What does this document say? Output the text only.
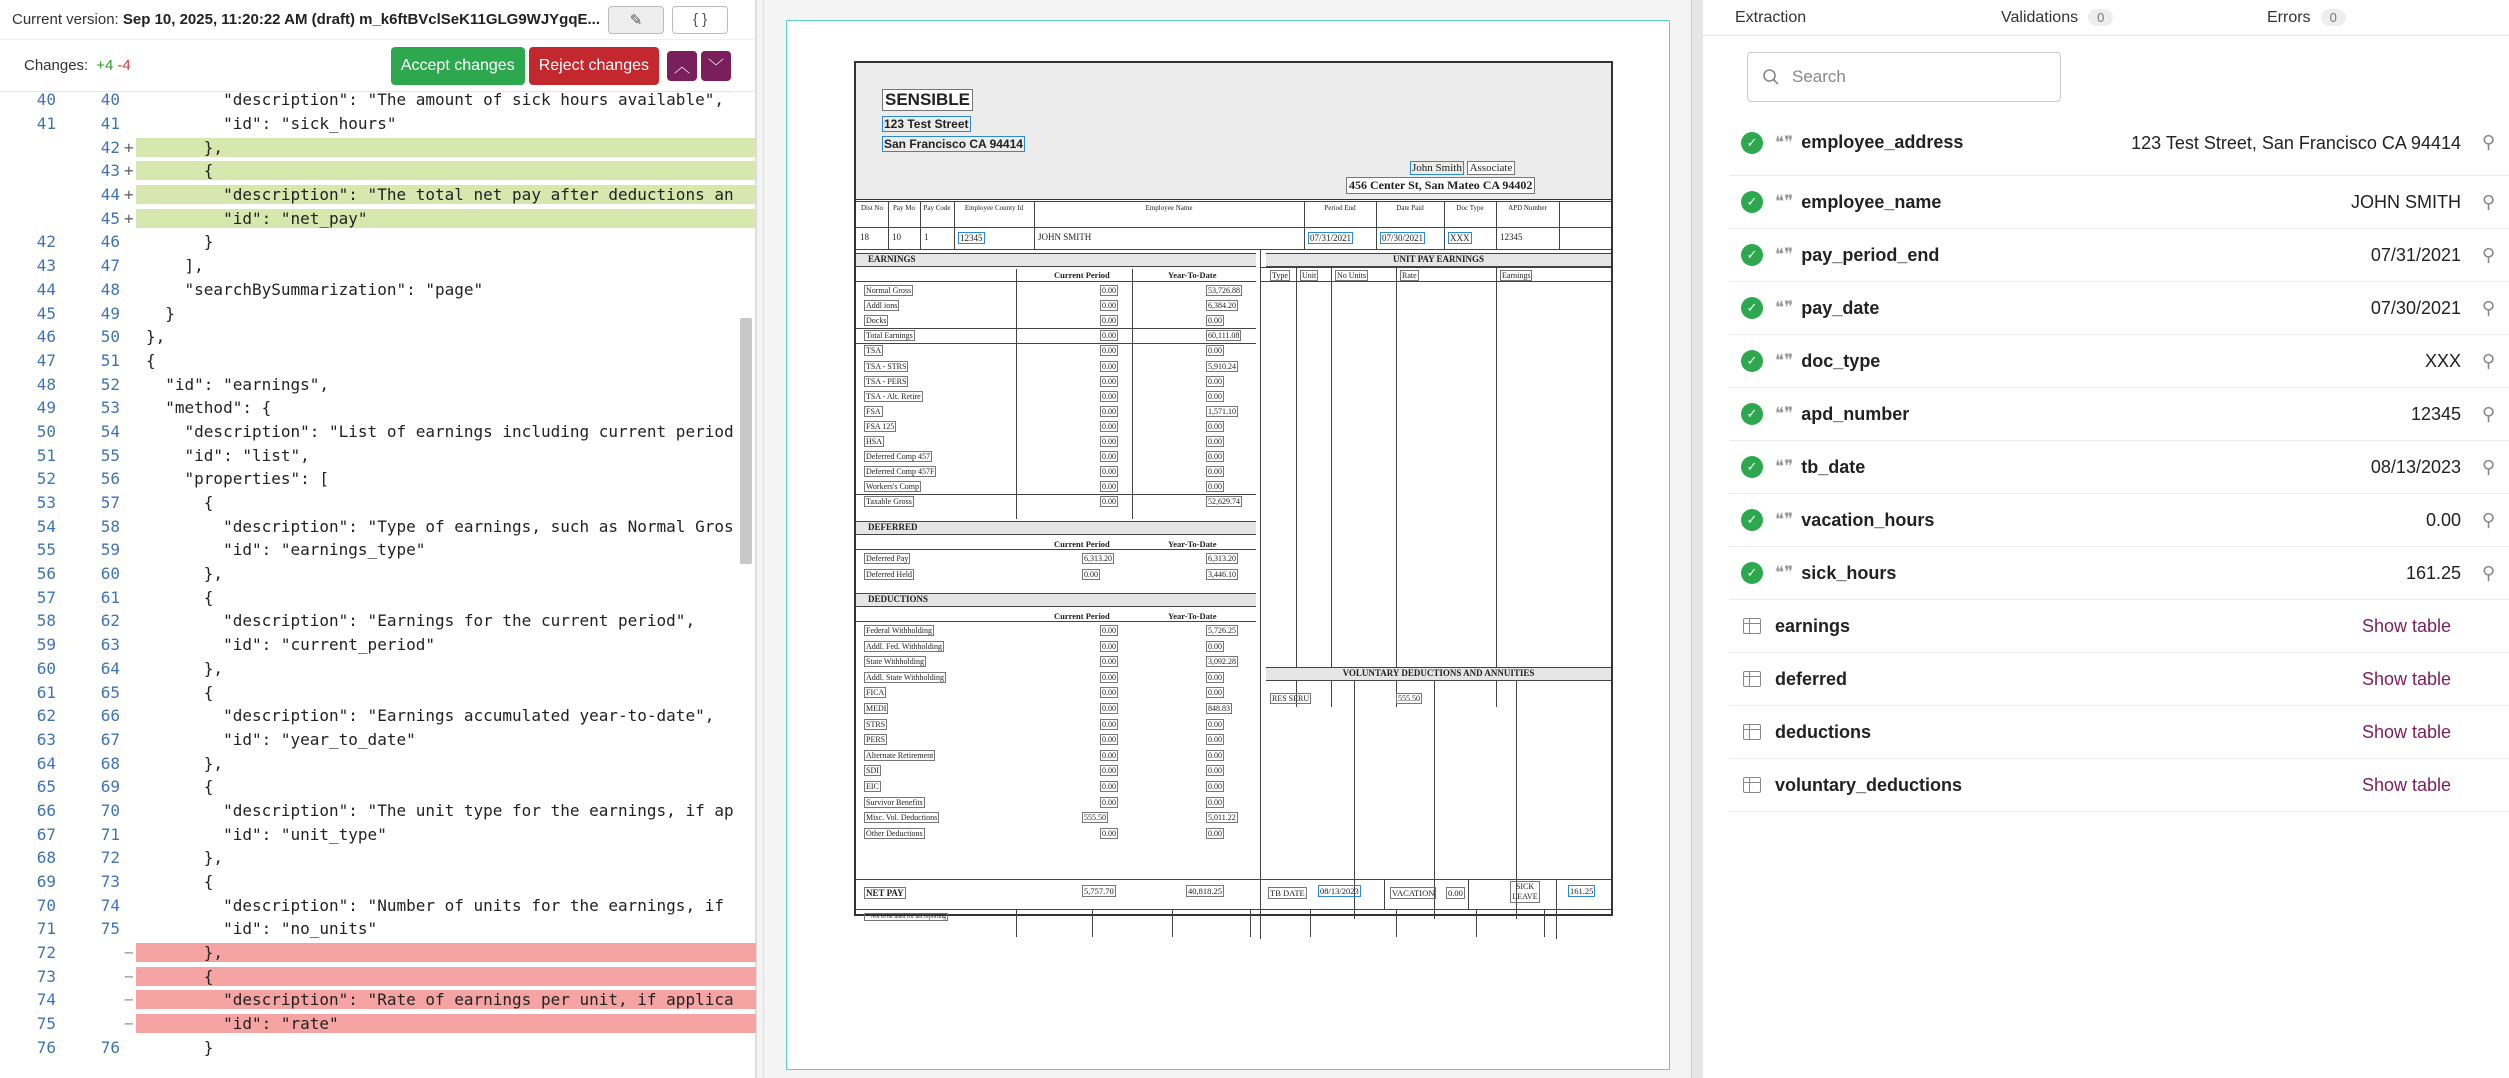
Current version:
Sep 10, 2025, 11:20:22 AM (draft) m_k6ftBVclSeK11GLG9WJYgqE... ✎	{ }
Changes: +4 -4	Accept changes	Reject changes	︿ ﹀
40	40	"description": "The amount of sick hours available",
41	41	"id": "sick_hours"
42 + },
43 + {
44 + "description": "The total net pay after deductions an
45 + "id": "net_pay"
42	46	}
43	47	],
44	48	"searchBySummarization": "page"
45	49	}
46	50	},
47	51	{
48	52	"id": "earnings",
49	53	"method": {
50	54	"description": "List of earnings including current period
51	55	"id": "list",
52	56	"properties": [
53	57	{
54	58	"description": "Type of earnings, such as Normal Gros
55	59	"id": "earnings_type"
56	60	},
57	61	{
58	62	"description": "Earnings for the current period",
59	63	"id": "current_period"
60	64	},
61	65	{
62	66	"description": "Earnings accumulated year-to-date",
63	67	"id": "year_to_date"
64	68	},
65	69	{
66	70	"description": "The unit type for the earnings, if ap
67	71	"id": "unit_type"
68	72	},
69	73	{
70	74	"description": "Number of units for the earnings, if
71	75	"id": "no_units"
72	− },
73	− {
74	− "description": "Rate of earnings per unit, if applica
75	− "id": "rate"
76	76	}
SENSIBLE
123 Test Street
San Francisco CA 94414
John Smith Associate
456 Center St, San Mateo CA 94402
Dist No	Pay Mo	Pay Code	Employee County Id	Employee Name	Period End	Date Paid	Doc Type	APD Number
18	10	1	12345	JOHN SMITH	07/31/2021	07/30/2021	XXX	12345
EARNINGS	UNIT PAY EARNINGS
Current Period	Year-To-Date
Normal Gross	0.00	53,726.88
Addl ions	0.00	6,384.20
Docks	0.00	0.00
Total Earnings	0.00	60,111.08
TSA	0.00	0.00
TSA - STRS	0.00	5,910.24
TSA - PERS	0.00	0.00
TSA - Alt. Retire	0.00	0.00
FSA	0.00	1,571.10
FSA 125	0.00	0.00
HSA	0.00	0.00
Deferred Comp 457	0.00	0.00
Deferred Comp 457F	0.00	0.00
Workers's Comp	0.00	0.00
Taxable Gross	0.00	52,629.74
Type Unit	No Units	Rate	Earnings
DEFERRED
Current Period	Year-To-Date
Deferred Pay	6,313.20	6,313.20
Deferred Held	0.00	3,446.10
DEDUCTIONS
Current Period	Year-To-Date
Federal Withholding	0.00	5,726.25
Addl. Fed. Withholding	0.00	0.00
State Withholding	0.00	3,092.28
Addl. State Withholding	0.00	0.00
FICA	0.00	0.00
MEDI	0.00	848.83
STRS	0.00	0.00
PERS	0.00	0.00
Alternate Retirement	0.00	0.00
SDI	0.00	0.00
EIC	0.00	0.00
Survivor Benefits	0.00	0.00
Misc. Vol. Deductions	555.50	5,011.22
Other Deductions	0.00	0.00
VOLUNTARY DEDUCTIONS AND ANNUITIES
RES SERU	555.50
NET PAY	5,757.70	40,818.25	TB DATE 08/13/2023	VACATION 0.00
SICK LEAVE
161.25
* Not to be used for tax reporting
Extraction	Validations	0	Errors	0
Search
✓	❝❞ employee_address	123 Test Street, San Francisco CA 94414 ⚲
✓	❝❞ employee_name	JOHN SMITH ⚲
✓	❝❞ pay_period_end	07/31/2021 ⚲
✓	❝❞ pay_date	07/30/2021 ⚲
✓	❝❞ doc_type	XXX ⚲
✓	❝❞ apd_number	12345 ⚲
✓	❝❞ tb_date	08/13/2023 ⚲
✓	❝❞ vacation_hours	0.00 ⚲
✓	❝❞ sick_hours	161.25 ⚲
earnings	Show table
deferred	Show table
deductions	Show table
voluntary_deductions	Show table
